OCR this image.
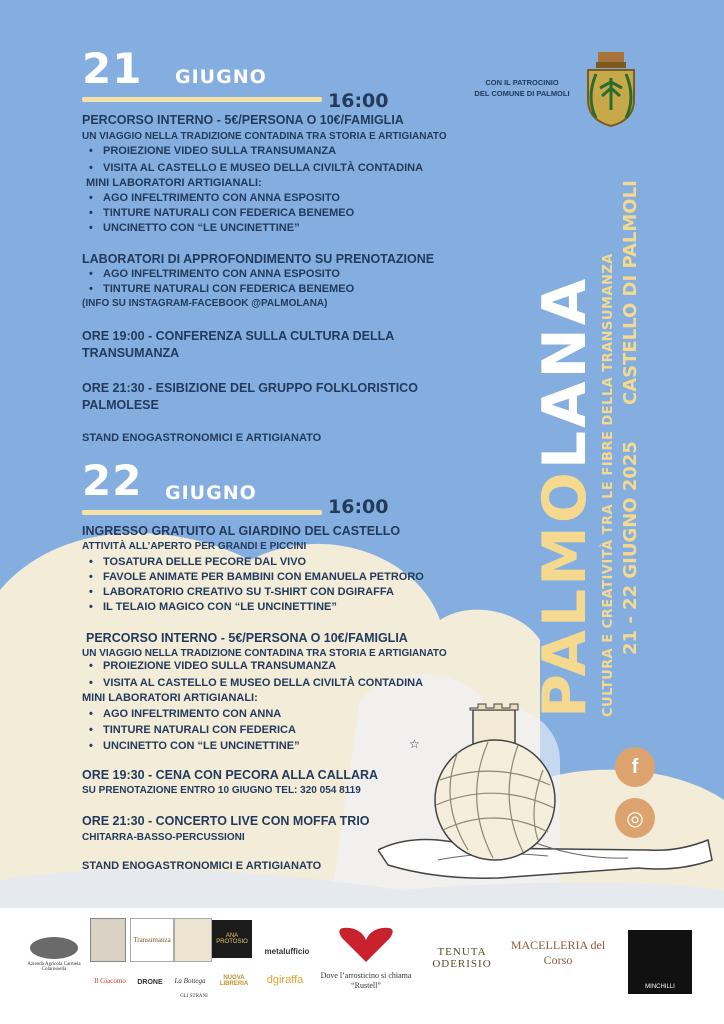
CON IL PATROCINIO
DEL COMUNE DI PALMOLI
21 GIUGNO
16:00
PERCORSO INTERNO - 5€/PERSONA O 10€/FAMIGLIA
UN VIAGGIO NELLA TRADIZIONE CONTADINA TRA STORIA E ARTIGIANATO
• PROIEZIONE VIDEO SULLA TRANSUMANZA
• VISITA AL CASTELLO E MUSEO DELLA CIVILTÀ CONTADINA
MINI LABORATORI ARTIGIANALI:
• AGO INFELTRIMENTO CON ANNA ESPOSITO
• TINTURE NATURALI CON FEDERICA BENEMEO
• UNCINETTO CON “LE UNCINETTINE”
LABORATORI DI APPROFONDIMENTO SU PRENOTAZIONE
• AGO INFELTRIMENTO CON ANNA ESPOSITO
• TINTURE NATURALI CON FEDERICA BENEMEO
(INFO SU INSTAGRAM-FACEBOOK @PALMOLANA)
ORE 19:00 - CONFERENZA SULLA CULTURA DELLA
TRANSUMANZA
ORE 21:30 - ESIBIZIONE DEL GRUPPO FOLKLORISTICO
PALMOLESE
STAND ENOGASTRONOMICI E ARTIGIANATO
22 GIUGNO
16:00
INGRESSO GRATUITO AL GIARDINO DEL CASTELLO
ATTIVITÀ ALL’APERTO PER GRANDI E PICCINI
• TOSATURA DELLE PECORE DAL VIVO
• FAVOLE ANIMATE PER BAMBINI CON EMANUELA PETRORO
• LABORATORIO CREATIVO SU T-SHIRT CON DGIRAFFA
• IL TELAIO MAGICO CON “LE UNCINETTINE”
PERCORSO INTERNO - 5€/PERSONA O 10€/FAMIGLIA
UN VIAGGIO NELLA TRADIZIONE CONTADINA TRA STORIA E ARTIGIANATO
• PROIEZIONE VIDEO SULLA TRANSUMANZA
• VISITA AL CASTELLO E MUSEO DELLA CIVILTÀ CONTADINA
MINI LABORATORI ARTIGIANALI:
• AGO INFELTRIMENTO CON ANNA
• TINTURE NATURALI CON FEDERICA
• UNCINETTO CON “LE UNCINETTINE”
ORE 19:30 - CENA CON PECORA ALLA CALLARA
SU PRENOTAZIONE ENTRO 10 GIUGNO TEL: 320 054 8119
ORE 21:30 - CONCERTO LIVE CON MOFFA TRIO
CHITARRA-BASSO-PERCUSSIONI
STAND ENOGASTRONOMICI E ARTIGIANATO
PALMOLANA CULTURA E CREATIVITÀ TRA LE FIBRE DELLA TRANSUMANZA 21 - 22 GIUGNO 2025
CASTELLO DI PALMOLI
f
◎
☆
Azienda Agricola Carmela Colarossella
Transumanza	ANA PROTOSIO
metalufficio
dgiraffa	Dove l’arrosticino si chiama “Rustell”
TENUTA ODERISIO
MACELLERIA del Corso
MINCHILLI
Il Giacomo	DRONE	La Bottega
GLI STRANI
NUOVA LIBRERIA
